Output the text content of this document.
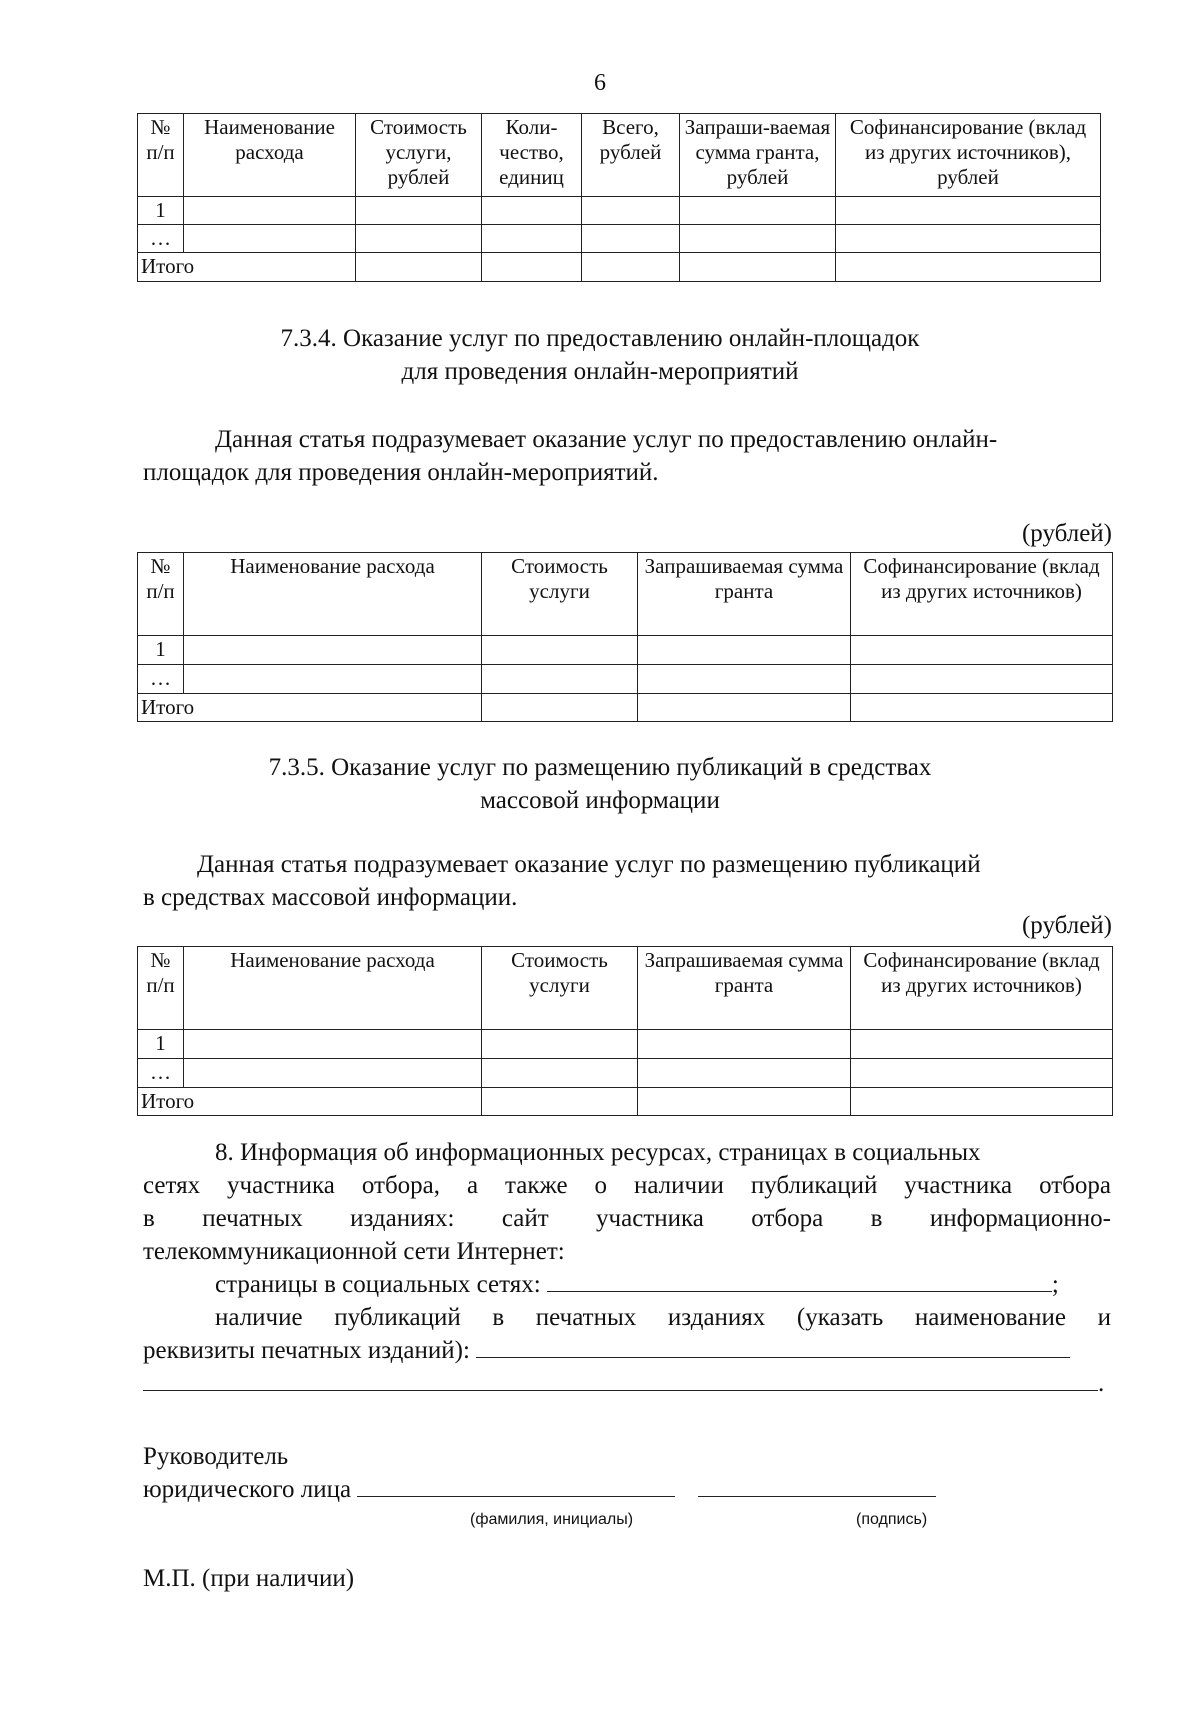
6
№ п/п	Наименование расхода	Стоимость услуги, рублей	Коли-чество, единиц	Всего, рублей	Запраши-ваемая сумма гранта, рублей	Софинансирование (вклад из других источников), рублей
1						
…						
Итого						
7.3.4. Оказание услуг по предоставлению онлайн-площадок
для проведения онлайн-мероприятий
Данная статья подразумевает оказание услуг по предоставлению онлайн-
площадок для проведения онлайн-мероприятий.
(рублей)
№ п/п	Наименование расхода	Стоимость услуги	Запрашиваемая сумма гранта	Софинансирование (вклад из других источников)
1				
…				
Итого				
7.3.5. Оказание услуг по размещению публикаций в средствах
массовой информации
Данная статья подразумевает оказание услуг по размещению публикаций
в средствах массовой информации.
(рублей)
№ п/п	Наименование расхода	Стоимость услуги	Запрашиваемая сумма гранта	Софинансирование (вклад из других источников)
1				
…				
Итого				
8. Информация об информационных ресурсах, страницах в социальных
сетях участника отбора, а также о наличии публикаций участника отбора
в печатных изданиях: сайт участника отбора в информационно-
телекоммуникационной сети Интернет:
страницы в социальных сетях:	;
наличие публикаций в печатных изданиях (указать наименование и
реквизиты печатных изданий):
.
Руководитель
юридического лица
(фамилия, инициалы)	(подпись)
М.П. (при наличии)
